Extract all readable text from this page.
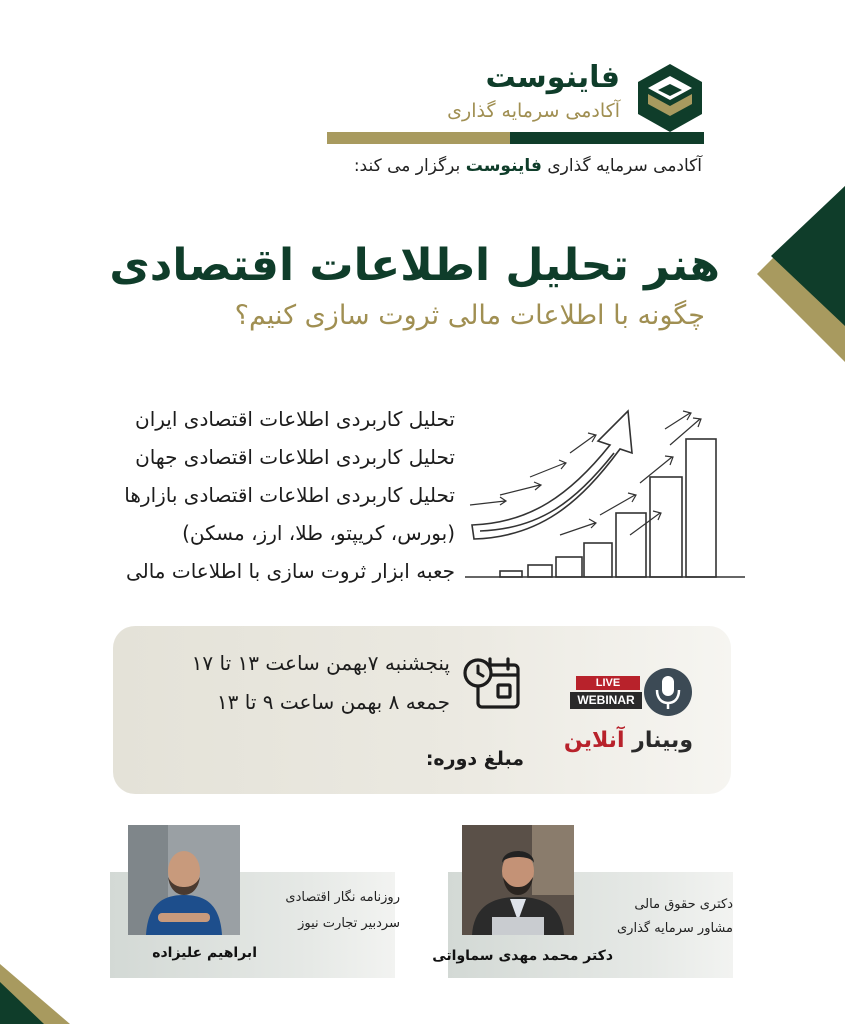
فاینوست
آکادمی سرمایه گذاری
آکادمی سرمایه گذاری فاینوست برگزار می کند:
هنر تحلیل اطلاعات اقتصادی
چگونه با اطلاعات مالی ثروت سازی کنیم؟
تحلیل کاربردی اطلاعات اقتصادی ایران
تحلیل کاربردی اطلاعات اقتصادی جهان
تحلیل کاربردی اطلاعات اقتصادی بازارها
(بورس، کریپتو، طلا، ارز، مسکن)
جعبه ابزار ثروت سازی با اطلاعات مالی
پنجشنبه ۷بهمن ساعت ۱۳ تا ۱۷
جمعه ۸ بهمن ساعت ۹ تا ۱۳
مبلغ دوره:
LIVE
WEBINAR
وبینار آنلاین
روزنامه نگار اقتصادی
سردبیر تجارت نیوز
ابراهیم علیزاده
دکتری حقوق مالی
مشاور سرمایه گذاری
دکتر محمد مهدی سماواتی
